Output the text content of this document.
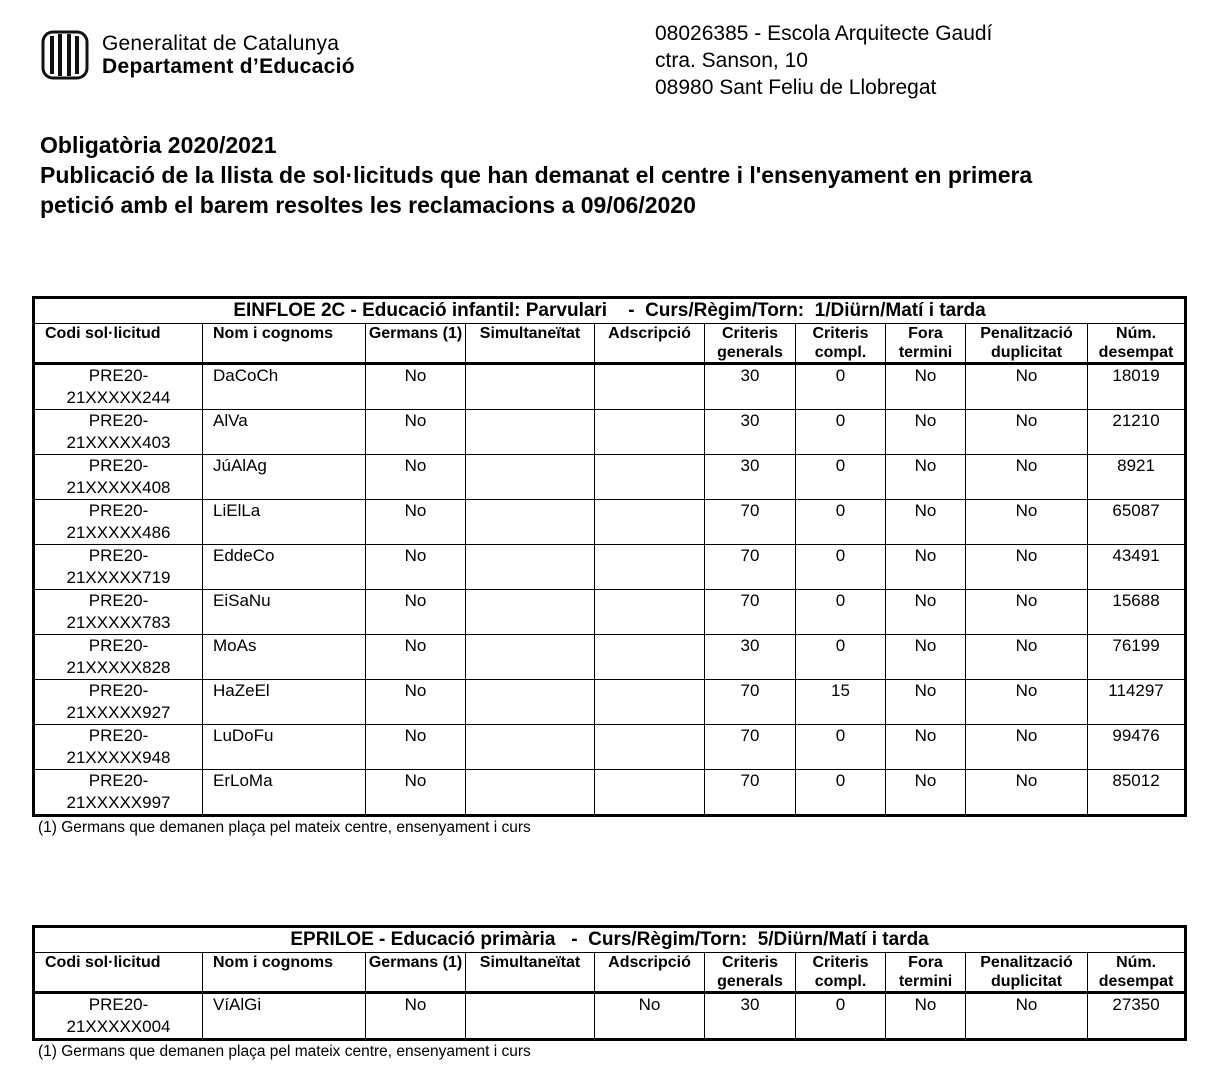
Generalitat de Catalunya
Departament d’Educació
08026385 - Escola Arquitecte Gaudí
ctra. Sanson, 10
08980 Sant Feliu de Llobregat
Obligatòria 2020/2021
Publicació de la llista de sol·licituds que han demanat el centre i l'ensenyament en primera
petició amb el barem resoltes les reclamacions a 09/06/2020
EINFLOE 2C - Educació infantil: Parvulari    -  Curs/Règim/Torn:  1/Diürn/Matí i tarda									
Codi sol·licitud	Nom i cognoms	Germans (1)	Simultaneïtat	Adscripció	Criteris generals	Criteris compl.	Fora termini	Penalització duplicitat	Núm. desempat

PRE20-
21XXXXX244	DaCoCh	No			30	0	No	No	18019

PRE20-
21XXXXX403	AlVa	No			30	0	No	No	21210

PRE20-
21XXXXX408	JúAlAg	No			30	0	No	No	8921

PRE20-
21XXXXX486	LiElLa	No			70	0	No	No	65087

PRE20-
21XXXXX719	EddeCo	No			70	0	No	No	43491

PRE20-
21XXXXX783	EiSaNu	No			70	0	No	No	15688

PRE20-
21XXXXX828	MoAs	No			30	0	No	No	76199

PRE20-
21XXXXX927	HaZeEl	No			70	15	No	No	114297

PRE20-
21XXXXX948	LuDoFu	No			70	0	No	No	99476

PRE20-
21XXXXX997	ErLoMa	No			70	0	No	No	85012
(1) Germans que demanen plaça pel mateix centre, ensenyament i curs
EPRILOE - Educació primària   -  Curs/Règim/Torn:  5/Diürn/Matí i tarda									
Codi sol·licitud	Nom i cognoms	Germans (1)	Simultaneïtat	Adscripció	Criteris generals	Criteris compl.	Fora termini	Penalització duplicitat	Núm. desempat

PRE20-
21XXXXX004	VíAlGi	No		No	30	0	No	No	27350
(1) Germans que demanen plaça pel mateix centre, ensenyament i curs
